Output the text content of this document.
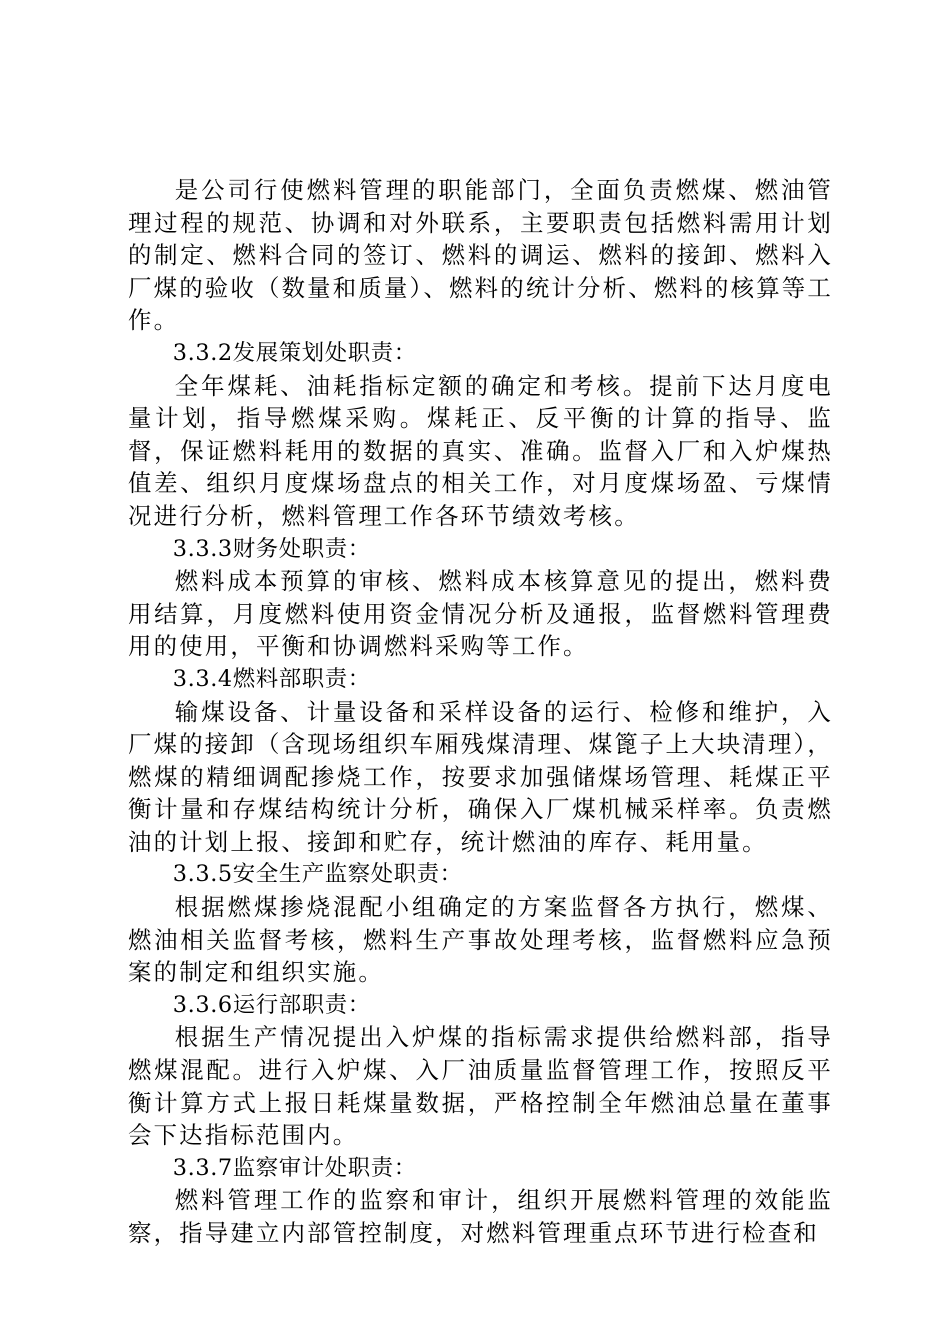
是公司行使燃料管理的职能部门，全面负责燃煤、燃油管理过程的规范、协调和对外联系，主要职责包括燃料需用计划的制定、燃料合同的签订、燃料的调运、燃料的接卸、燃料入厂煤的验收（数量和质量）、燃料的统计分析、燃料的核算等工作。

3.3.2发展策划处职责：

全年煤耗、油耗指标定额的确定和考核。提前下达月度电量计划，指导燃煤采购。煤耗正、反平衡的计算的指导、监督，保证燃料耗用的数据的真实、准确。监督入厂和入炉煤热值差、组织月度煤场盘点的相关工作，对月度煤场盈、亏煤情况进行分析，燃料管理工作各环节绩效考核。

3.3.3财务处职责：

燃料成本预算的审核、燃料成本核算意见的提出，燃料费用结算，月度燃料使用资金情况分析及通报，监督燃料管理费用的使用，平衡和协调燃料采购等工作。

3.3.4燃料部职责：

输煤设备、计量设备和采样设备的运行、检修和维护，入厂煤的接卸（含现场组织车厢残煤清理、煤篦子上大块清理），燃煤的精细调配掺烧工作，按要求加强储煤场管理、耗煤正平衡计量和存煤结构统计分析，确保入厂煤机械采样率。负责燃油的计划上报、接卸和贮存，统计燃油的库存、耗用量。

3.3.5安全生产监察处职责：

根据燃煤掺烧混配小组确定的方案监督各方执行，燃煤、燃油相关监督考核，燃料生产事故处理考核，监督燃料应急预案的制定和组织实施。

3.3.6运行部职责：

根据生产情况提出入炉煤的指标需求提供给燃料部，指导燃煤混配。进行入炉煤、入厂油质量监督管理工作，按照反平衡计算方式上报日耗煤量数据，严格控制全年燃油总量在董事会下达指标范围内。

3.3.7监察审计处职责：

燃料管理工作的监察和审计，组织开展燃料管理的效能监察，指导建立内部管控制度，对燃料管理重点环节进行检查和
